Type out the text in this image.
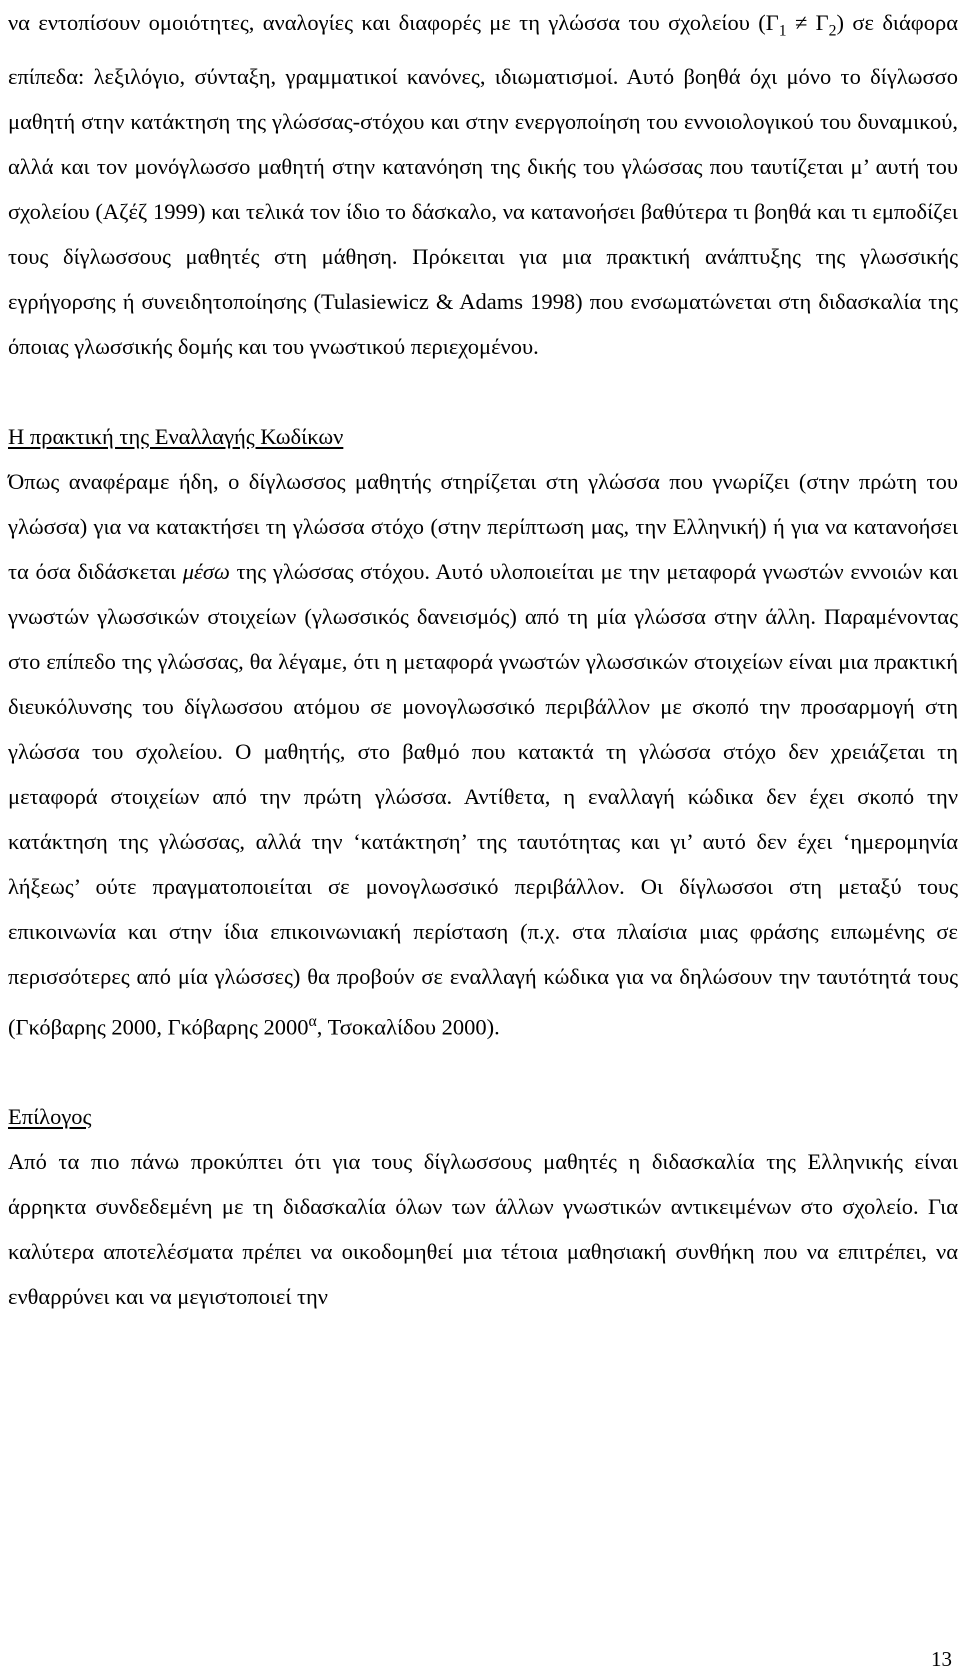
να εντοπίσουν ομοιότητες, αναλογίες και διαφορές με τη γλώσσα του σχολείου $(\Gamma_1 \ne \Gamma_2)$ σε διάφορα επίπεδα: λεξιλόγιο, σύνταξη, γραμματικοί κανόνες, ιδιωματισμοί. Αυτό βοηθά όχι μόνο το δίγλωσσο μαθητή στην κατάκτηση της γλώσσας-στόχου και στην ενεργοποίηση του εννοιολογικού του δυναμικού, αλλά και τον μονόγλωσσο μαθητή στην κατανόηση της δικής του γλώσσας που ταυτίζεται μ’ αυτή του σχολείου (Αζέζ 1999) και τελικά τον ίδιο το δάσκαλο, να κατανοήσει βαθύτερα τι βοηθά και τι εμποδίζει τους δίγλωσσους μαθητές στη μάθηση. Πρόκειται για μια πρακτική ανάπτυξης της γλωσσικής εγρήγορσης ή συνειδητοποίησης (Tulasiewicz & Adams 1998) που ενσωματώνεται στη διδασκαλία της όποιας γλωσσικής δομής και του γνωστικού περιεχομένου.

Η πρακτική της Εναλλαγής Κωδίκων

Όπως αναφέραμε ήδη, ο δίγλωσσος μαθητής στηρίζεται στη γλώσσα που γνωρίζει (στην πρώτη του γλώσσα) για να κατακτήσει τη γλώσσα στόχο (στην περίπτωση μας, την Ελληνική) ή για να κατανοήσει τα όσα διδάσκεται μέσω της γλώσσας στόχου. Αυτό υλοποιείται με την μεταφορά γνωστών εννοιών και γνωστών γλωσσικών στοιχείων (γλωσσικός δανεισμός) από τη μία γλώσσα στην άλλη. Παραμένοντας στο επίπεδο της γλώσσας, θα λέγαμε, ότι η μεταφορά γνωστών γλωσσικών στοιχείων είναι μια πρακτική διευκόλυνσης του δίγλωσσου ατόμου σε μονογλωσσικό περιβάλλον με σκοπό την προσαρμογή στη γλώσσα του σχολείου. Ο μαθητής, στο βαθμό που κατακτά τη γλώσσα στόχο δεν χρειάζεται τη μεταφορά στοιχείων από την πρώτη γλώσσα. Αντίθετα, η εναλλαγή κώδικα δεν έχει σκοπό την κατάκτηση της γλώσσας, αλλά την ‘κατάκτηση’ της ταυτότητας και γι’ αυτό δεν έχει ‘ημερομηνία λήξεως’ ούτε πραγματοποιείται σε μονογλωσσικό περιβάλλον. Οι δίγλωσσοι στη μεταξύ τους επικοινωνία και στην ίδια επικοινωνιακή περίσταση (π.χ. στα πλαίσια μιας φράσης ειπωμένης σε περισσότερες από μία γλώσσες) θα προβούν σε εναλλαγή κώδικα για να δηλώσουν την ταυτότητά τους (Γκόβαρης 2000, Γκόβαρης $2000^\alpha$, Τσοκαλίδου 2000).

Επίλογος

Από τα πιο πάνω προκύπτει ότι για τους δίγλωσσους μαθητές η διδασκαλία της Ελληνικής είναι άρρηκτα συνδεδεμένη με τη διδασκαλία όλων των άλλων γνωστικών αντικειμένων στο σχολείο. Για καλύτερα αποτελέσματα πρέπει να οικοδομηθεί μια τέτοια μαθησιακή συνθήκη που να επιτρέπει, να ενθαρρύνει και να μεγιστοποιεί την

13
